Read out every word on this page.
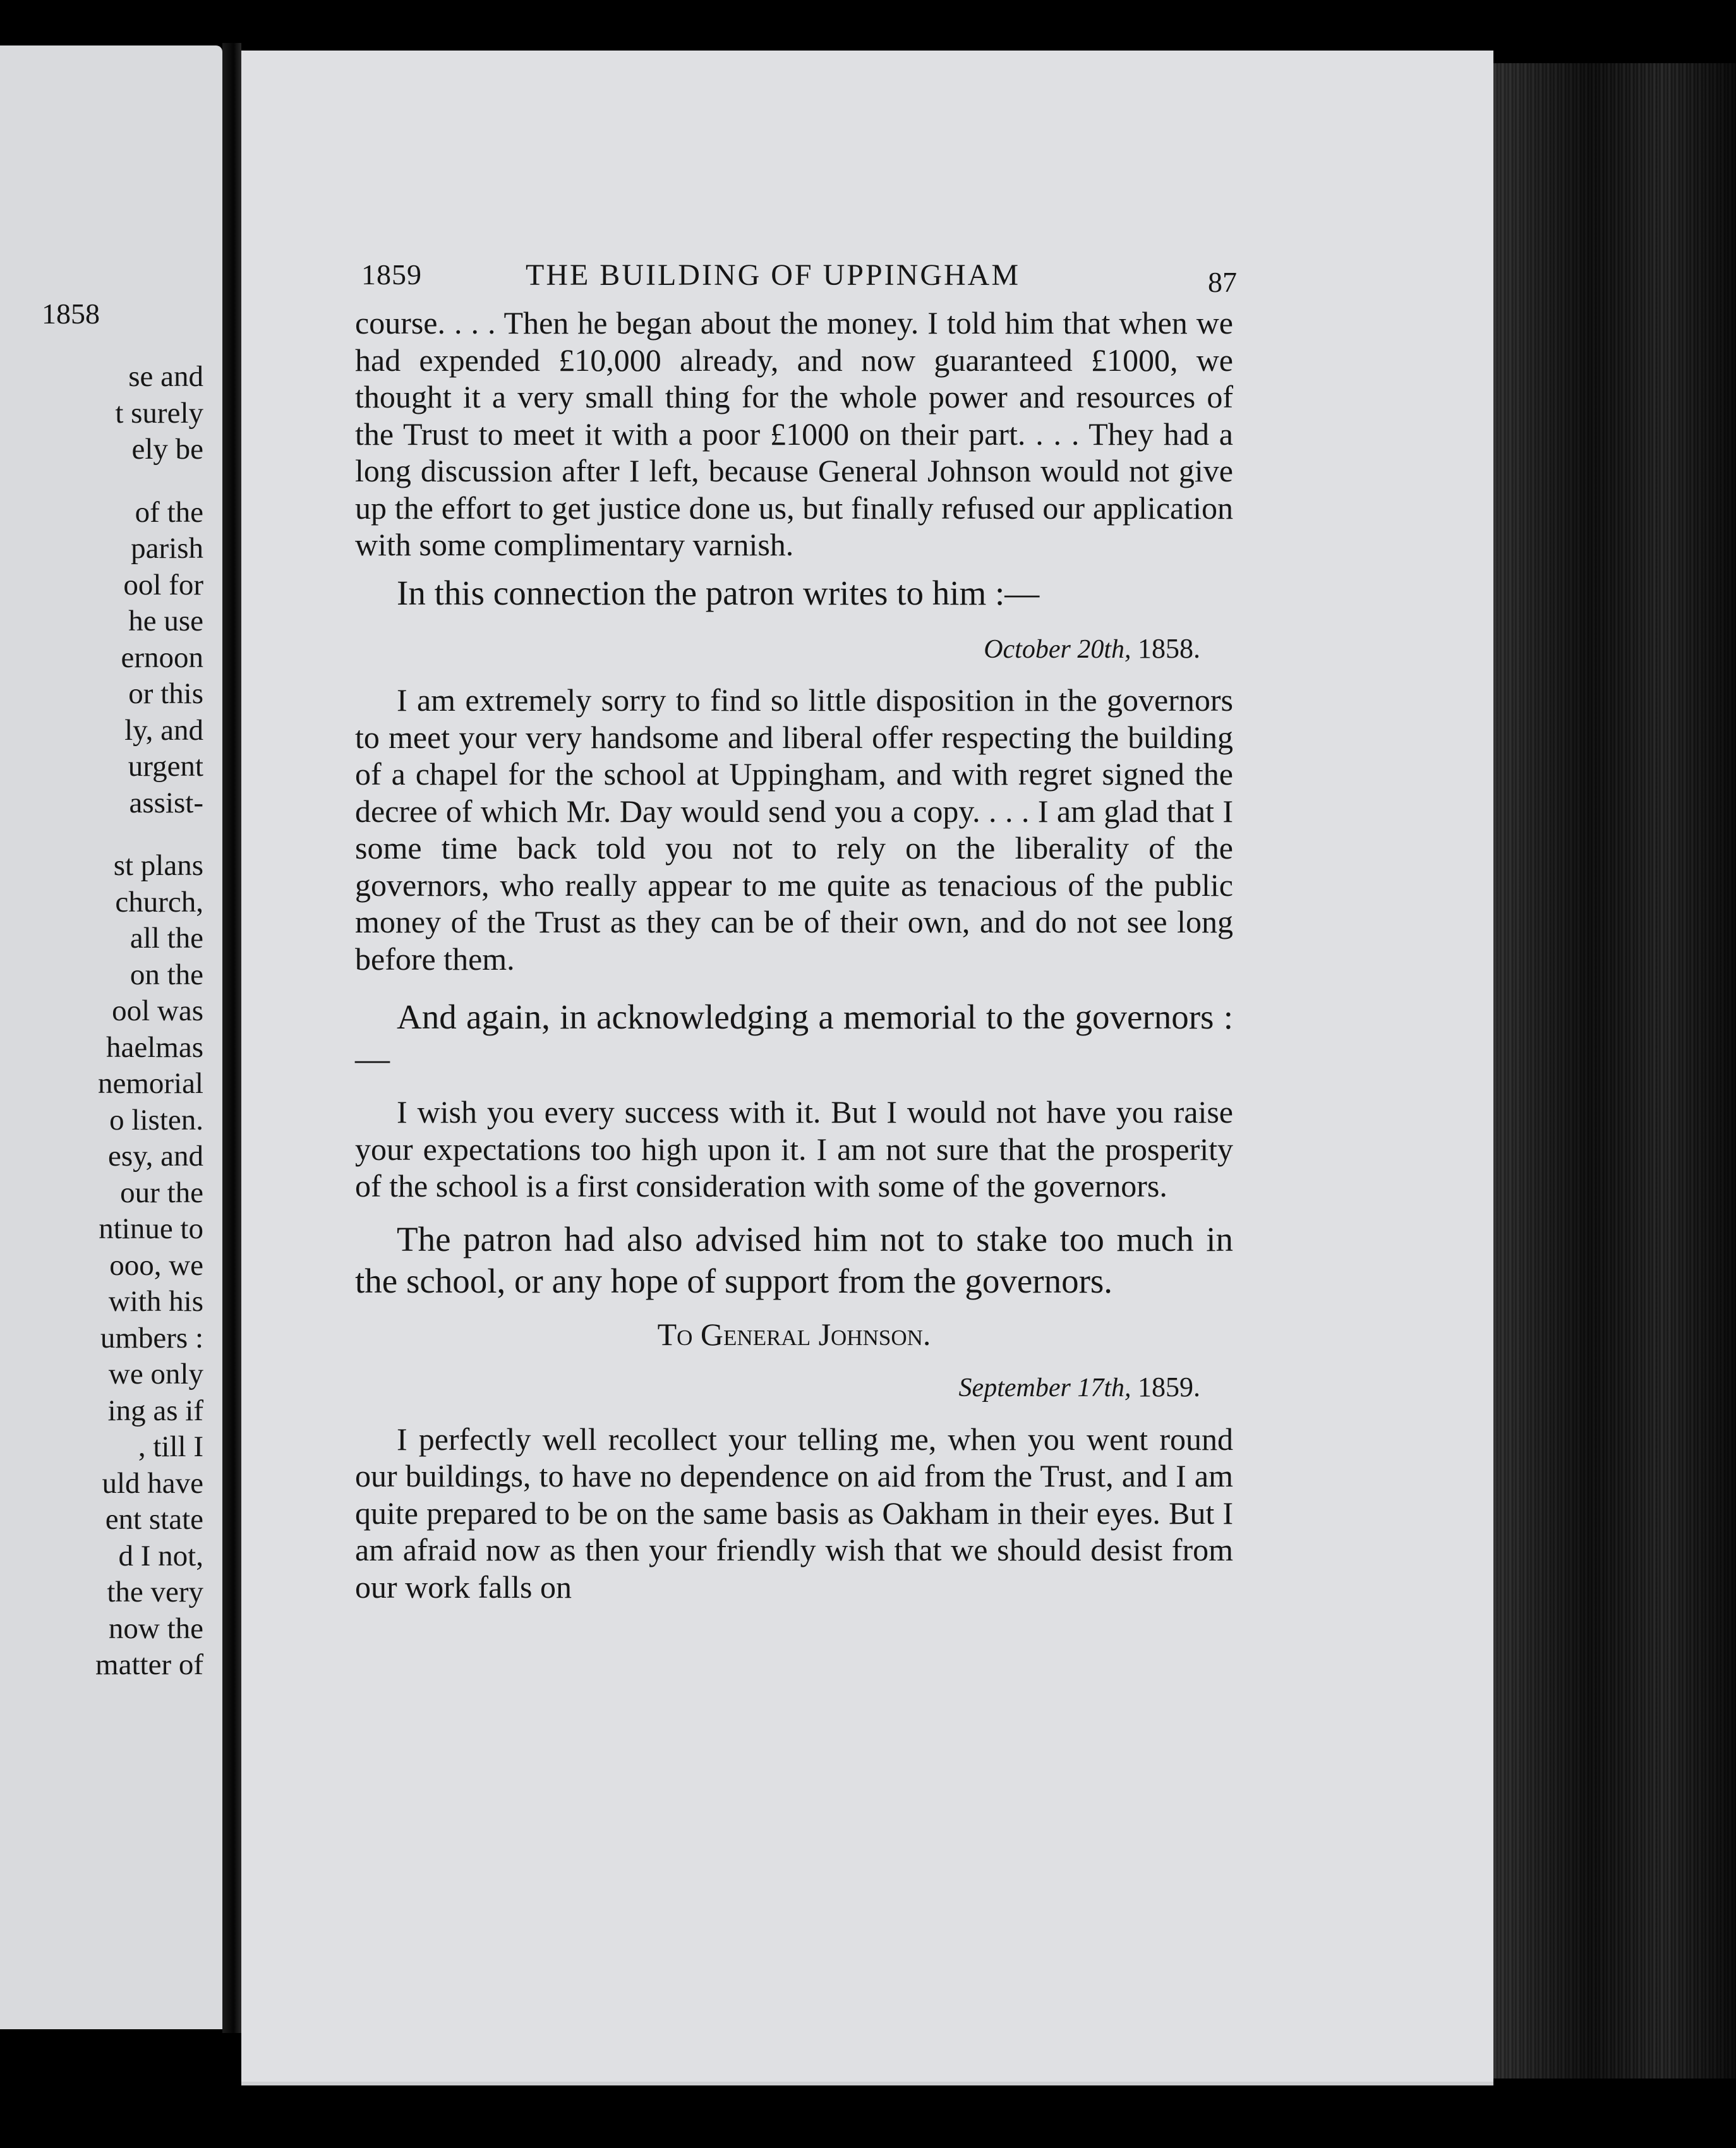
1858
se and
t surely
ely be
of the
parish
ool for
he use
ernoon
or this
ly, and
urgent
assist-
st plans
church,
all the
on the
ool was
haelmas
nemorial
o listen.
esy, and
our the
ntinue to
ooo, we
with his
umbers :
we only
ing as if
, till I
uld have
ent state
d I not,
the very
now the
matter of
1859	THE BUILDING OF UPPINGHAM	87

course. . . . Then he began about the money. I told him that when we had expended £10,000 already, and now guaranteed £1000, we thought it a very small thing for the whole power and resources of the Trust to meet it with a poor £1000 on their part. . . . They had a long discussion after I left, because General Johnson would not give up the effort to get justice done us, but finally refused our application with some complimentary varnish.

In this connection the patron writes to him :—

October 20th, 1858.

I am extremely sorry to find so little disposition in the governors to meet your very handsome and liberal offer respecting the building of a chapel for the school at Uppingham, and with regret signed the decree of which Mr. Day would send you a copy. . . . I am glad that I some time back told you not to rely on the liberality of the governors, who really appear to me quite as tenacious of the public money of the Trust as they can be of their own, and do not see long before them.

And again, in acknowledging a memorial to the governors :—

I wish you every success with it. But I would not have you raise your expectations too high upon it. I am not sure that the prosperity of the school is a first consideration with some of the governors.

The patron had also advised him not to stake too much in the school, or any hope of support from the governors.

To General Johnson.

September 17th, 1859.

I perfectly well recollect your telling me, when you went round our buildings, to have no dependence on aid from the Trust, and I am quite prepared to be on the same basis as Oakham in their eyes. But I am afraid now as then your friendly wish that we should desist from our work falls on
